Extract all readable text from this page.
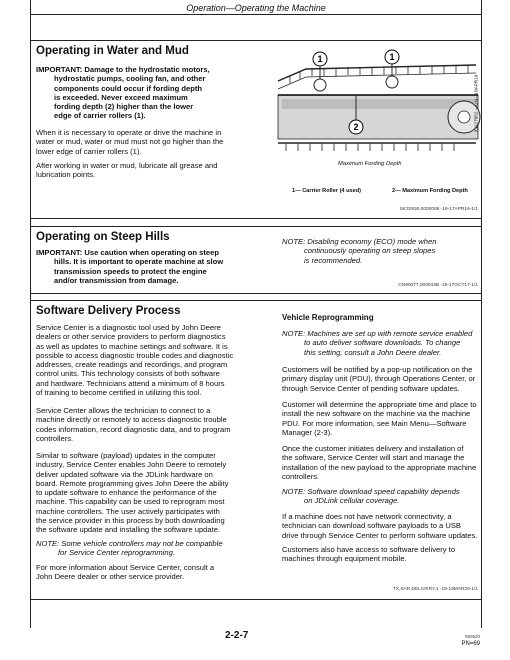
Operation—Operating the Machine
Operating in Water and Mud
IMPORTANT: Damage to the hydrostatic motors,
hydrostatic pumps, cooling fan, and other
components could occur if fording depth
is exceeded. Never exceed maximum
fording depth (2) higher than the lower
edge of carrier rollers (1).
When it is necessary to operate or drive the machine in
water or mud, water or mud must not go higher than the
lower edge of carrier rollers (1).
After working in water or mud, lubricate all grease and
lubrication points.
1	1
2
Maximum Fording Depth
X1127952 —UN—18APR19
1— Carrier Roller (4 used)	2— Maximum Fording Depth
SK32930,0000006 -19-17APR19-1/1
Operating on Steep Hills
IMPORTANT: Use caution when operating on steep
hills. It is important to operate machine at slow
transmission speeds to protect the engine
and/or transmission from damage.
NOTE: Disabling economy (ECO) mode when
continuously operating on steep slopes
is recommended.
CN90077,000043B -19-17OCT17-1/1
Software Delivery Process
Service Center is a diagnostic tool used by John Deere
dealers or other service providers to perform diagnostics
as well as updates to machine settings and software. It is
possible to access diagnostic trouble codes and diagnostic
addresses, create readings and recordings, and program
control units. This technology consists of both software
and hardware. Technicians attend a minimum of 8 hours
of training to become certified in utilizing this tool.
Service Center allows the technician to connect to a
machine directly or remotely to access diagnostic trouble
codes information, record diagnostic data, and to program
controllers.
Similar to software (payload) updates in the computer
industry, Service Center enables John Deere to remotely
deliver updated software via the JDLink hardware on
board. Remote programming gives John Deere the ability
to update software to enhance the performance of the
machine. This capability can be used to reprogram most
machine controllers. The user actively participates with
the service provider in this process by both downloading
the software update and installing the software update.
NOTE: Some vehicle controllers may not be compatible
for Service Center reprogramming.
For more information about Service Center, consult a
John Deere dealer or other service provider.
Vehicle Reprogramming
NOTE: Machines are set up with remote service enabled
to auto deliver software downloads. To change
this setting, consult a John Deere dealer.
Customers will be notified by a pop-up notification on the
primary display unit (PDU), through Operations Center, or
through Service Center of pending software updates.
Customer will determine the appropriate time and place to
install the new software on the machine via the machine
PDU. For more information, see Main Menu—Software
Manager (2-3).
Once the customer initiates delivery and installation of
the software, Service Center will start and manage the
installation of the new payload to the appropriate machine
controllers.
NOTE: Software download speed capability depends
on JDLink cellular coverage.
If a machine does not have network connectivity, a
technician can download software payloads to a USB
drive through Service Center to perform software updates.
Customers also have access to software delivery to
machines through equipment mobile.
TX,SAR,DELIVERY,1 -19-19MAR20-1/1
2-2-7	050520
PN=69
